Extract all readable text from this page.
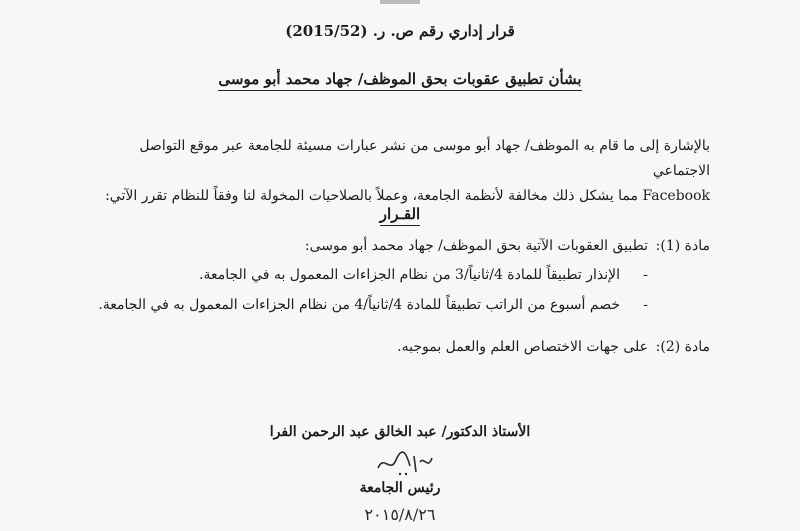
قرار إداري رقم ص. ر. (2015/52)
بشأن تطبيق عقوبات بحق الموظف/ جهاد محمد أبو موسى
بالإشارة إلى ما قام به الموظف/ جهاد أبو موسى من نشر عبارات مسيئة للجامعة عبر موقع التواصل الاجتماعي
Facebook مما يشكل ذلك مخالفة لأنظمة الجامعة، وعملاً بالصلاحيات المخولة لنا وفقاً للنظام تقرر الآتي:
القـرار
مادة (1):
تطبيق العقوبات الآتية بحق الموظف/ جهاد محمد أبو موسى:
-الإنذار تطبيقاً للمادة 4/ثانياً/3 من نظام الجزاءات المعمول به في الجامعة.
-خصم أسبوع من الراتب تطبيقاً للمادة 4/ثانياً/4 من نظام الجزاءات المعمول به في الجامعة.
مادة (2):
على جهات الاختصاص العلم والعمل بموجبه.
الأستاذ الدكتور/ عبد الخالق عبد الرحمن الفرا
رئيس الجامعة
٢٠١٥/٨/٢٦
